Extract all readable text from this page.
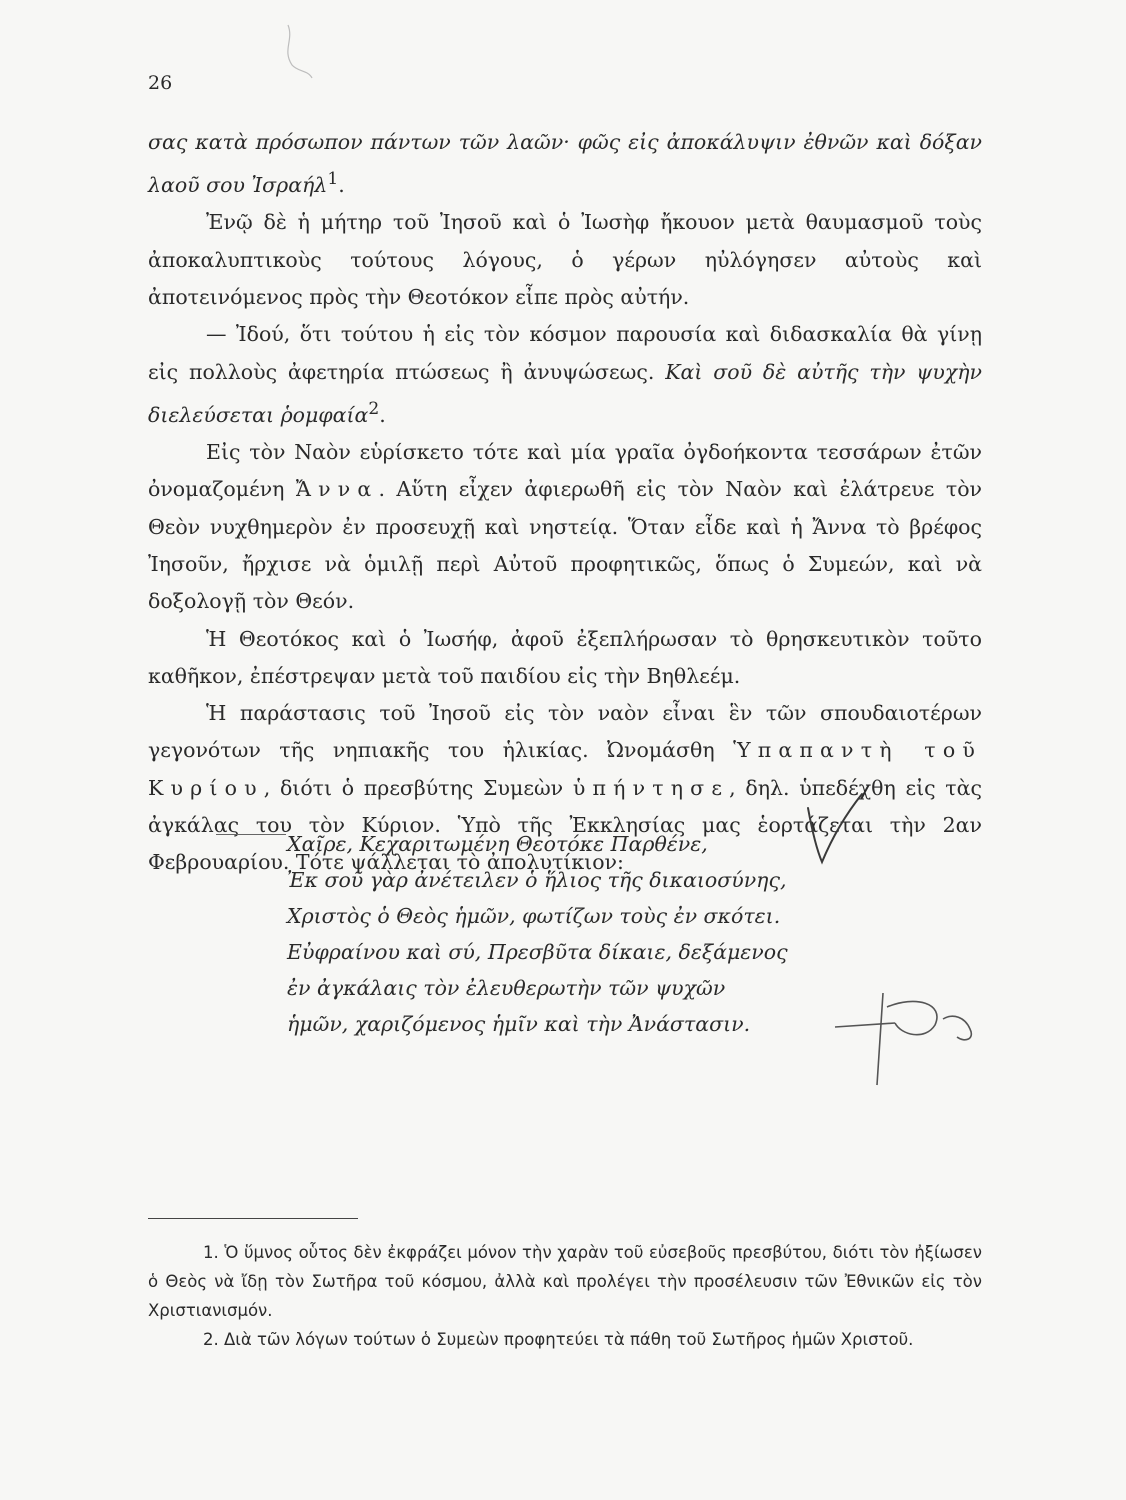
26

σας κατὰ πρόσωπον πάντων τῶν λαῶν· φῶς εἰς ἀποκάλυψιν ἐθνῶν καὶ δόξαν λαοῦ σου Ἰσραήλ$^1$.

Ἐνῷ δὲ ἡ μήτηρ τοῦ Ἰησοῦ καὶ ὁ Ἰωσὴφ ἤκουον μετὰ θαυμασμοῦ τοὺς ἀποκαλυπτικοὺς τούτους λόγους, ὁ γέρων ηὐλόγησεν αὐτοὺς καὶ ἀποτεινόμενος πρὸς τὴν Θεοτόκον εἶπε πρὸς αὐτήν.

— Ἰδού, ὅτι τούτου ἡ εἰς τὸν κόσμον παρουσία καὶ διδασκαλία θὰ γίνῃ εἰς πολλοὺς ἀφετηρία πτώσεως ἢ ἀνυψώσεως. Καὶ σοῦ δὲ αὐτῆς τὴν ψυχὴν διελεύσεται ῥομφαία$^2$.

Εἰς τὸν Ναὸν εὑρίσκετο τότε καὶ μία γραῖα ὀγδοήκοντα τεσσάρων ἐτῶν ὀνομαζομένη Ἄννα. Αὕτη εἶχεν ἀφιερωθῆ εἰς τὸν Ναὸν καὶ ἐλάτρευε τὸν Θεὸν νυχθημερὸν ἐν προσευχῇ καὶ νηστείᾳ. Ὅταν εἶδε καὶ ἡ Ἄννα τὸ βρέφος Ἰησοῦν, ἤρχισε νὰ ὁμιλῇ περὶ Αὐτοῦ προφητικῶς, ὅπως ὁ Συμεών, καὶ νὰ δοξολογῇ τὸν Θεόν.

Ἡ Θεοτόκος καὶ ὁ Ἰωσήφ, ἀφοῦ ἐξεπλήρωσαν τὸ θρησκευτικὸν τοῦτο καθῆκον, ἐπέστρεψαν μετὰ τοῦ παιδίου εἰς τὴν Βηθλεέμ.

Ἡ παράστασις τοῦ Ἰησοῦ εἰς τὸν ναὸν εἶναι ἓν τῶν σπουδαιοτέρων γεγονότων τῆς νηπιακῆς του ἡλικίας. Ὠνομάσθη Ὑπαπαντὴ τοῦ Κυρίου, διότι ὁ πρεσβύτης Συμεὼν ὑπήντησε, δηλ. ὑπεδέχθη εἰς τὰς ἀγκάλας του τὸν Κύριον. Ὑπὸ τῆς Ἐκκλησίας μας ἑορτάζεται τὴν 2αν Φεβρουαρίου. Τότε ψάλλεται τὸ ἀπολυτίκιον:

Χαῖρε, Κεχαριτωμένη Θεοτόκε Παρθένε,
Ἐκ σοῦ γὰρ ἀνέτειλεν ὁ ἥλιος τῆς δικαιοσύνης,
Χριστὸς ὁ Θεὸς ἡμῶν, φωτίζων τοὺς ἐν σκότει.
Εὐφραίνου καὶ σύ, Πρεσβῦτα δίκαιε, δεξάμενος
ἐν ἀγκάλαις τὸν ἐλευθερωτὴν τῶν ψυχῶν
ἡμῶν, χαριζόμενος ἡμῖν καὶ τὴν Ἀνάστασιν.

1. Ὁ ὕμνος οὗτος δὲν ἐκφράζει μόνον τὴν χαρὰν τοῦ εὐσεβοῦς πρεσβύτου, διότι τὸν ἠξίωσεν ὁ Θεὸς νὰ ἴδῃ τὸν Σωτῆρα τοῦ κόσμου, ἀλλὰ καὶ προλέγει τὴν προσέλευσιν τῶν Ἐθνικῶν εἰς τὸν Χριστιανισμόν.

2. Διὰ τῶν λόγων τούτων ὁ Συμεὼν προφητεύει τὰ πάθη τοῦ Σωτῆρος ἡμῶν Χριστοῦ.
